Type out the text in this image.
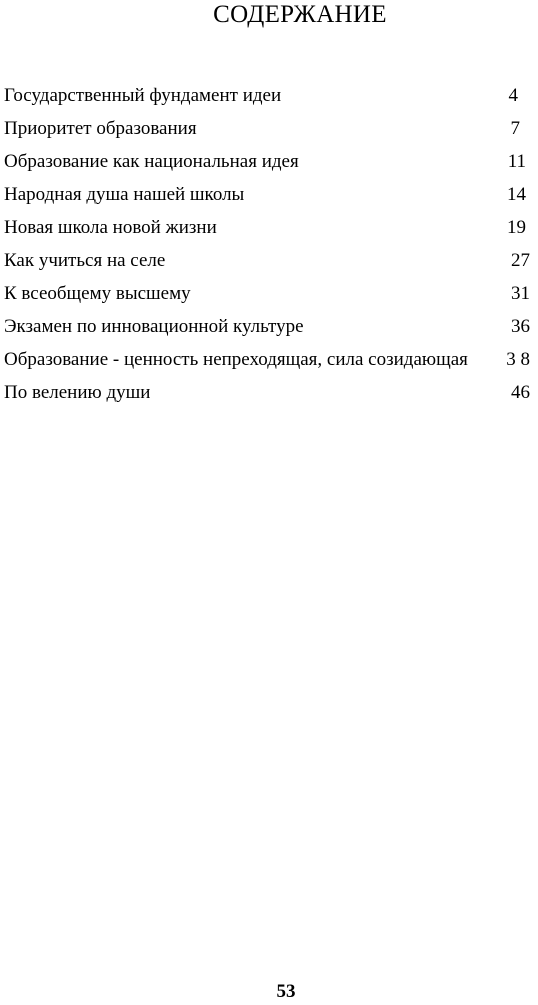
СОДЕРЖАНИЕ
Государственный фундамент идеи	4
Приоритет образования	7
Образование как национальная идея	11
Народная душа нашей школы	14
Новая школа новой жизни	19
Как учиться на селе	27
К всеобщему высшему	31
Экзамен по инновационной культуре	36
Образование - ценность непреходящая, сила созидающая 3 8
По велению души	46
53
